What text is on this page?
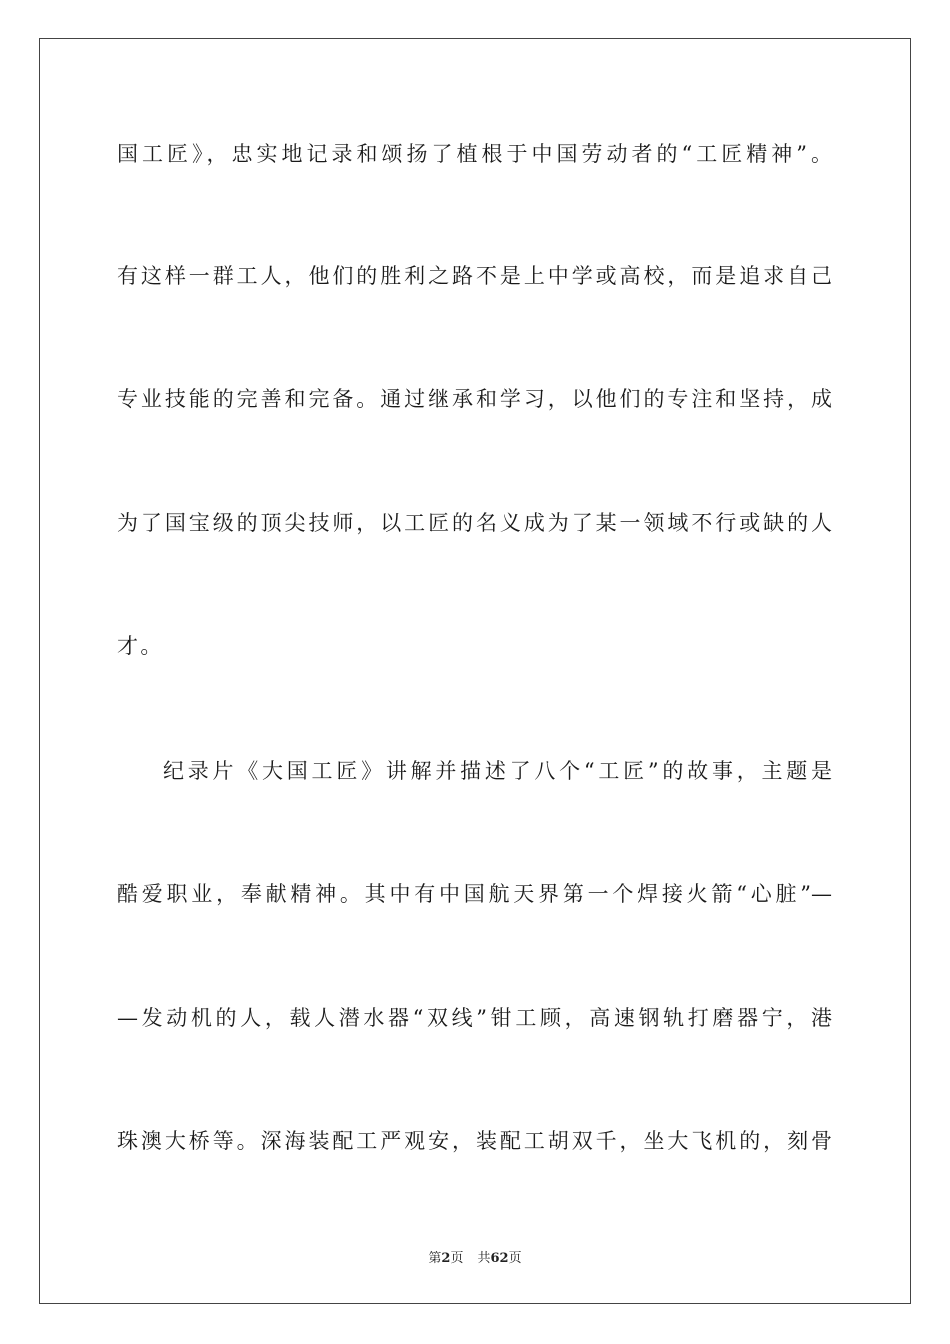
国工匠》，忠实地记录和颂扬了植根于中国劳动者的“工匠精神”。
有这样一群工人，他们的胜利之路不是上中学或高校，而是追求自己
专业技能的完善和完备。通过继承和学习，以他们的专注和坚持，成
为了国宝级的顶尖技师，以工匠的名义成为了某一领域不行或缺的人
才。
纪录片《大国工匠》讲解并描述了八个“工匠”的故事，主题是
酷爱职业，奉献精神。其中有中国航天界第一个焊接火箭“心脏”—
—发动机的人，载人潜水器“双线”钳工顾，高速钢轨打磨器宁，港
珠澳大桥等。深海装配工严观安，装配工胡双千，坐大飞机的，刻骨
第2页 共62页
